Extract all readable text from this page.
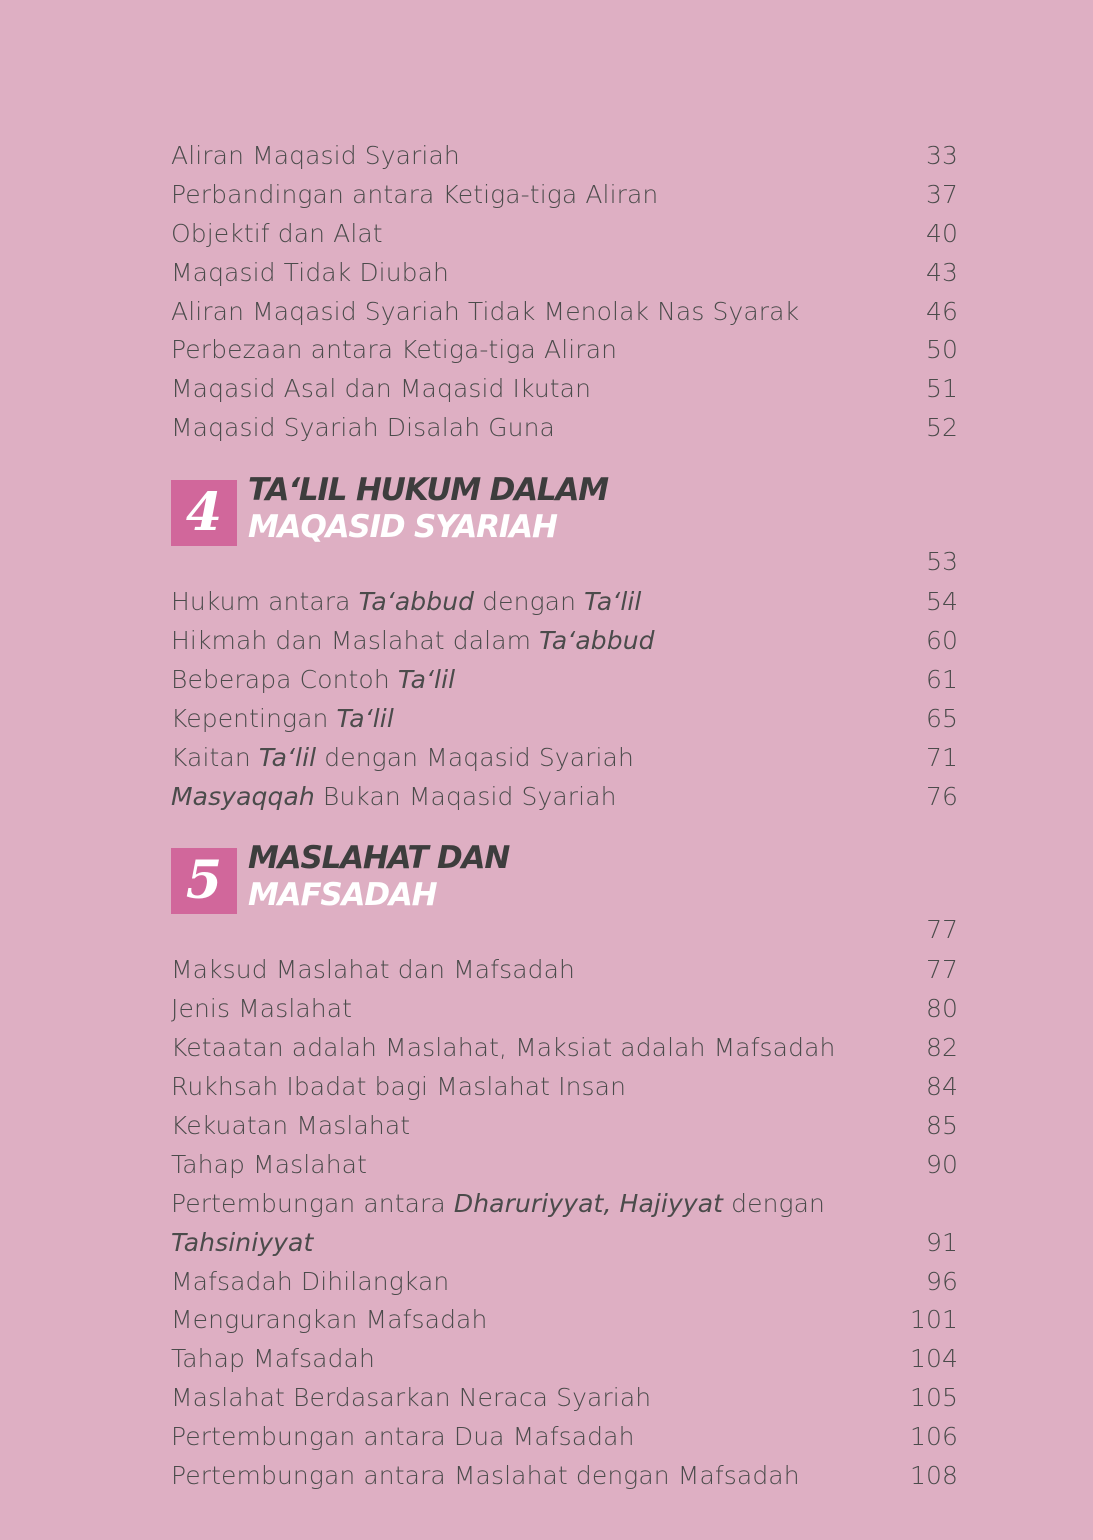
Aliran Maqasid Syariah	33
Perbandingan antara Ketiga-tiga Aliran	37
Objektif dan Alat	40
Maqasid Tidak Diubah	43
Aliran Maqasid Syariah Tidak Menolak Nas Syarak	46
Perbezaan antara Ketiga-tiga Aliran	50
Maqasid Asal dan Maqasid Ikutan	51
Maqasid Syariah Disalah Guna	52
4 TA‘LIL HUKUM DALAM
MAQASID SYARIAH
53
Hukum antara Ta‘abbud dengan Ta‘lil	54
Hikmah dan Maslahat dalam Ta‘abbud	60
Beberapa Contoh Ta‘lil	61
Kepentingan Ta‘lil	65
Kaitan Ta‘lil dengan Maqasid Syariah	71
Masyaqqah Bukan Maqasid Syariah	76
5 MASLAHAT DAN
MAFSADAH
77
Maksud Maslahat dan Mafsadah	77
Jenis Maslahat	80
Ketaatan adalah Maslahat, Maksiat adalah Mafsadah	82
Rukhsah Ibadat bagi Maslahat Insan	84
Kekuatan Maslahat	85
Tahap Maslahat	90
Pertembungan antara Dharuriyyat, Hajiyyat dengan
Tahsiniyyat	91
Mafsadah Dihilangkan	96
Mengurangkan Mafsadah	101
Tahap Mafsadah	104
Maslahat Berdasarkan Neraca Syariah	105
Pertembungan antara Dua Mafsadah	106
Pertembungan antara Maslahat dengan Mafsadah	108
